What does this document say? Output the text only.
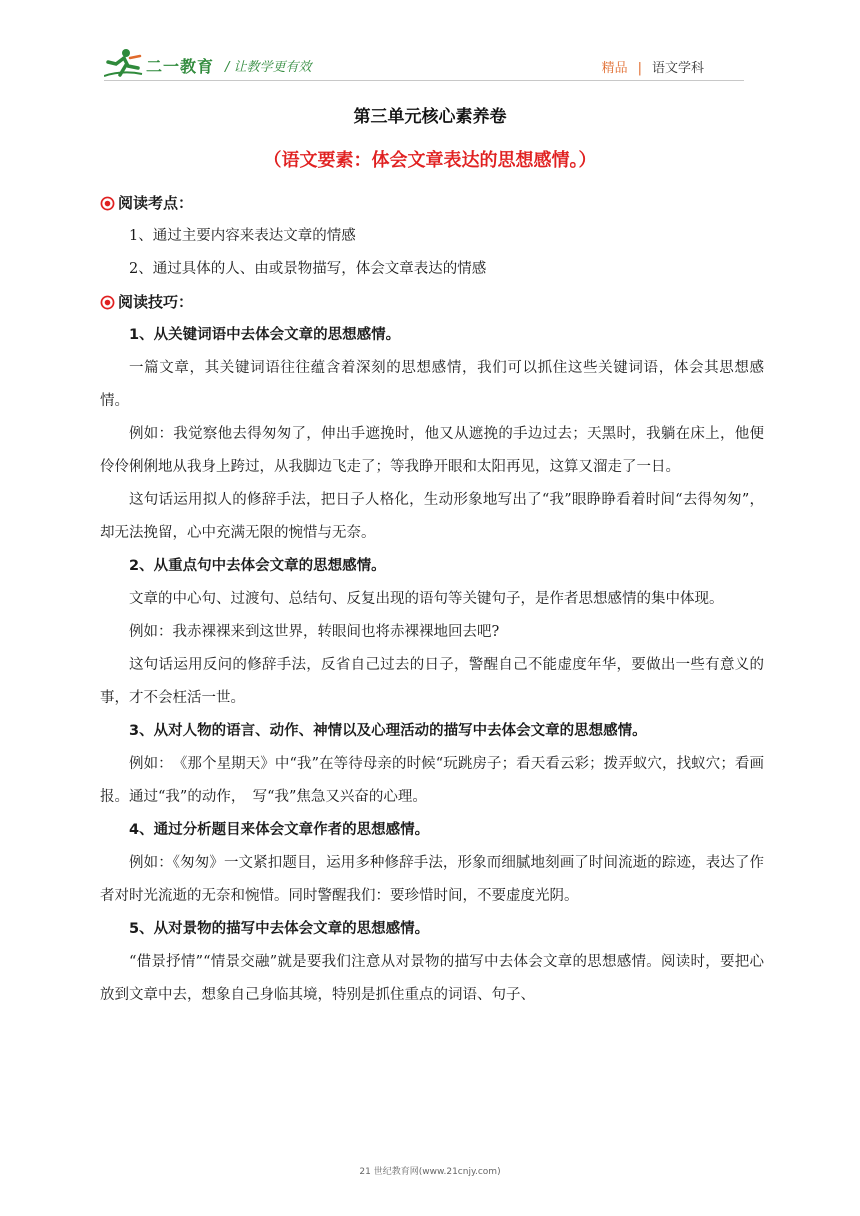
二一教育 / 让教学更有效	精品 | 语文学科
第三单元核心素养卷
（语文要素：体会文章表达的思想感情。）
阅读考点：

1、通过主要内容来表达文章的情感

2、通过具体的人、由或景物描写，体会文章表达的情感

阅读技巧：

1、从关键词语中去体会文章的思想感情。

一篇文章，其关键词语往往蕴含着深刻的思想感情，我们可以抓住这些关键词语，体会其思想感情。

例如：我觉察他去得匆匆了，伸出手遮挽时，他又从遮挽的手边过去；天黑时，我躺在床上，他便伶伶俐俐地从我身上跨过，从我脚边飞走了；等我睁开眼和太阳再见，这算又溜走了一日。

这句话运用拟人的修辞手法，把日子人格化，生动形象地写出了“我”眼睁睁看着时间“去得匆匆”，却无法挽留，心中充满无限的惋惜与无奈。

2、从重点句中去体会文章的思想感情。

文章的中心句、过渡句、总结句、反复出现的语句等关键句子，是作者思想感情的集中体现。

例如：我赤裸裸来到这世界，转眼间也将赤裸裸地回去吧?

这句话运用反问的修辞手法，反省自己过去的日子，警醒自己不能虚度年华，要做出一些有意义的事，才不会枉活一世。

3、从对人物的语言、动作、神情以及心理活动的描写中去体会文章的思想感情。

例如：　《那个星期天》中“我”在等待母亲的时候“玩跳房子；看天看云彩；拨弄蚁穴，找蚁穴；看画报。通过“我”的动作，　写“我”焦急又兴奋的心理。

4、通过分析题目来体会文章作者的思想感情。

例如：《匆匆》一文紧扣题目，运用多种修辞手法，形象而细腻地刻画了时间流逝的踪迹，表达了作者对时光流逝的无奈和惋惜。同时警醒我们：要珍惜时间，不要虚度光阴。

5、从对景物的描写中去体会文章的思想感情。

“借景抒情”“情景交融”就是要我们注意从对景物的描写中去体会文章的思想感情。阅读时，要把心放到文章中去，想象自己身临其境，特别是抓住重点的词语、句子、

21 世纪教育网(www.21cnjy.com)
